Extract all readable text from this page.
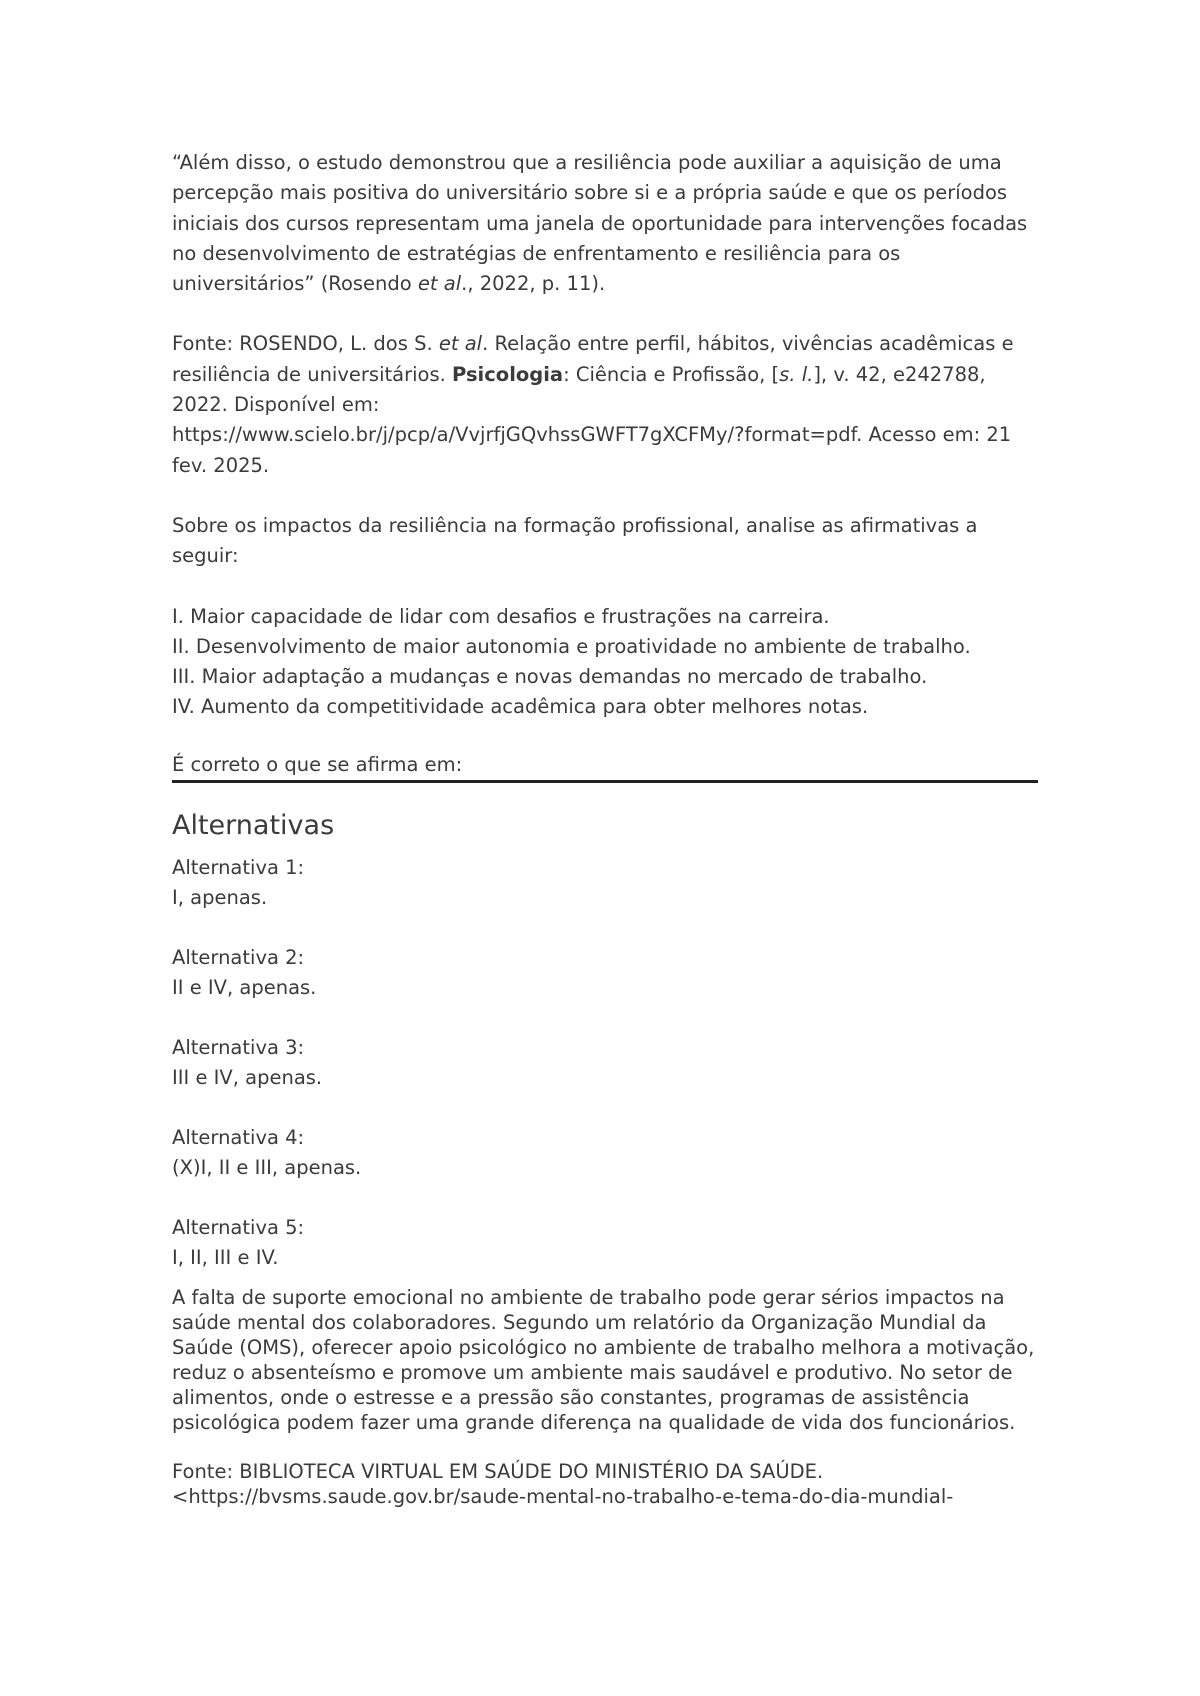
“Além disso, o estudo demonstrou que a resiliência pode auxiliar a aquisição de uma percepção mais positiva do universitário sobre si e a própria saúde e que os períodos iniciais dos cursos representam uma janela de oportunidade para intervenções focadas no desenvolvimento de estratégias de enfrentamento e resiliência para os universitários” (Rosendo et al., 2022, p. 11).

Fonte: ROSENDO, L. dos S. et al. Relação entre perfil, hábitos, vivências acadêmicas e resiliência de universitários. Psicologia: Ciência e Profissão, [s. l.], v. 42, e242788, 2022. Disponível em:
https://www.scielo.br/j/pcp/a/VvjrfjGQvhssGWFT7gXCFMy/?format=pdf. Acesso em: 21 fev. 2025.

Sobre os impactos da resiliência na formação profissional, analise as afirmativas a seguir:

I. Maior capacidade de lidar com desafios e frustrações na carreira.

II. Desenvolvimento de maior autonomia e proatividade no ambiente de trabalho.

III. Maior adaptação a mudanças e novas demandas no mercado de trabalho.

IV. Aumento da competitividade acadêmica para obter melhores notas.

É correto o que se afirma em:

Alternativas

Alternativa 1:

I, apenas.

Alternativa 2:

II e IV, apenas.

Alternativa 3:

III e IV, apenas.

Alternativa 4:

(X)I, II e III, apenas.

Alternativa 5:

I, II, III e IV.

A falta de suporte emocional no ambiente de trabalho pode gerar sérios impactos na saúde mental dos colaboradores. Segundo um relatório da Organização Mundial da Saúde (OMS), oferecer apoio psicológico no ambiente de trabalho melhora a motivação, reduz o absenteísmo e promove um ambiente mais saudável e produtivo. No setor de alimentos, onde o estresse e a pressão são constantes, programas de assistência psicológica podem fazer uma grande diferença na qualidade de vida dos funcionários.

Fonte: BIBLIOTECA VIRTUAL EM SAÚDE DO MINISTÉRIO DA SAÚDE.

<https://bvsms.saude.gov.br/saude-mental-no-trabalho-e-tema-do-dia-mundial-
